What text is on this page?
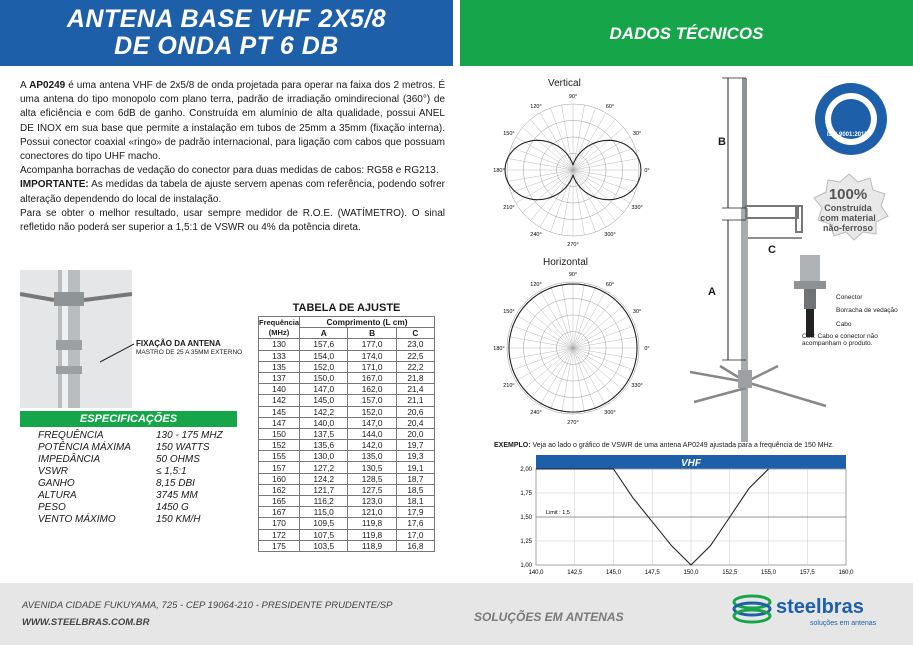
ANTENA BASE VHF 2X5/8
DE ONDA PT 6 DB	DADOS TÉCNICOS

A AP0249 é uma antena VHF de 2x5/8 de onda projetada para operar na faixa dos 2 metros. É uma antena do tipo monopolo com plano terra, padrão de irradiação omindirecional (360°) de alta eficiência e com 6dB de ganho. Construída em alumínio de alta qualidade, possui ANEL DE INOX em sua base que permite a instalação em tubos de 25mm a 35mm (fixação interna). Possui conector coaxial «ringo» de padrão internacional, para ligação com cabos que possuam conectores do tipo UHF macho.

Acompanha borrachas de vedação do conector para duas medidas de cabos: RG58 e RG213.

IMPORTANTE: As medidas da tabela de ajuste servem apenas com referência, podendo sofrer alteração dependendo do local de instalação.

Para se obter o melhor resultado, usar sempre medidor de R.O.E. (WATÍMETRO). O sinal refletido não poderá ser superior a 1,5:1 de VSWR ou 4% da potência direta.

FIXAÇÃO DA ANTENA
MASTRO DE 25 A 35MM EXTERNO
ESPECIFICAÇÕES
FREQUÊNCIA	130 - 175 MHZ
POTÊNCIA MÁXIMA	150 WATTS
IMPEDÂNCIA	50 OHMS
VSWR	≤ 1,5:1
GANHO	8,15 DBI
ALTURA	3745 MM
PESO	1450 G
VENTO MÁXIMO	150 KM/H
TABELA DE AJUSTE
Frequência (MHz)	Comprimento (L cm)		
	A	B	C
130	157,6	177,0	23,0
133	154,0	174,0	22,5
135	152,0	171,0	22,2
137	150,0	167,0	21,8
140	147,0	162,0	21,4
142	145,0	157,0	21,1
145	142,2	152,0	20,6
147	140,0	147,0	20,4
150	137,5	144,0	20,0
152	135,6	142,0	19,7
155	130,0	135,0	19,3
157	127,2	130,5	19,1
160	124,2	128,5	18,7
162	121,7	127,5	18,5
165	116,2	123,0	18,1
167	115,0	121,0	17,9
170	109,5	119,8	17,6
172	107,5	119,8	17,0
175	103,5	118,9	16,8
Vertical
90°
60°
30°
0°
330°
300°
270°
240°
210°
180°
150°
120°
Horizontal
90°
60°
30°
0°
330°
300°
270°
240°
210°
180°
150°
120°
B
A
C
Conector
Borracha de vedação
Cabo
Obs: Cabo e conector não acompanham o produto.
ISO 9001:2015
100%
Construída
com material
não-ferroso
EXEMPLO: Veja ao lado o gráfico de VSWR de uma antena AP0249 ajustada para a frequência de 150 MHz.
VHF
140,0	142,5	145,0	147,5	150,0	152,5	155,0	157,5	160,0
1,00
1,25
1,50
1,75
2,00
Limit : 1,5
AVENIDA CIDADE FUKUYAMA, 725 - CEP 19064-210 - PRESIDENTE PRUDENTE/SP
WWW.STEELBRAS.COM.BR	SOLUÇÕES EM ANTENAS	steelbras
soluções em antenas
